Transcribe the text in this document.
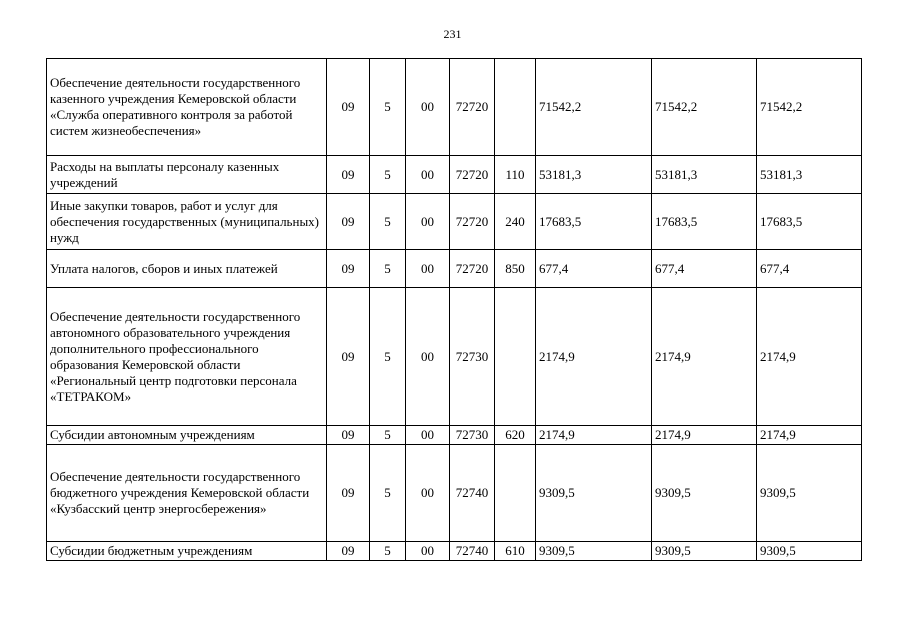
231
Обеспечение деятельности государственного казенного учреждения Кемеровской области «Служба оперативного контроля за работой систем жизнеобеспечения»	09	5	00	72720		71542,2	71542,2	71542,2
Расходы на выплаты персоналу казенных учреждений	09	5	00	72720	110	53181,3	53181,3	53181,3
Иные закупки товаров, работ и услуг для обеспечения государственных (муниципальных) нужд	09	5	00	72720	240	17683,5	17683,5	17683,5
Уплата налогов, сборов и иных платежей	09	5	00	72720	850	677,4	677,4	677,4
Обеспечение деятельности государственного автономного образовательного учреждения дополнительного профессионального образования Кемеровской области «Региональный центр подготовки персонала «ТЕТРАКОМ»	09	5	00	72730		2174,9	2174,9	2174,9
Субсидии автономным учреждениям	09	5	00	72730	620	2174,9	2174,9	2174,9
Обеспечение деятельности государственного бюджетного учреждения Кемеровской области «Кузбасский центр энергосбережения»	09	5	00	72740		9309,5	9309,5	9309,5
Субсидии бюджетным учреждениям	09	5	00	72740	610	9309,5	9309,5	9309,5
